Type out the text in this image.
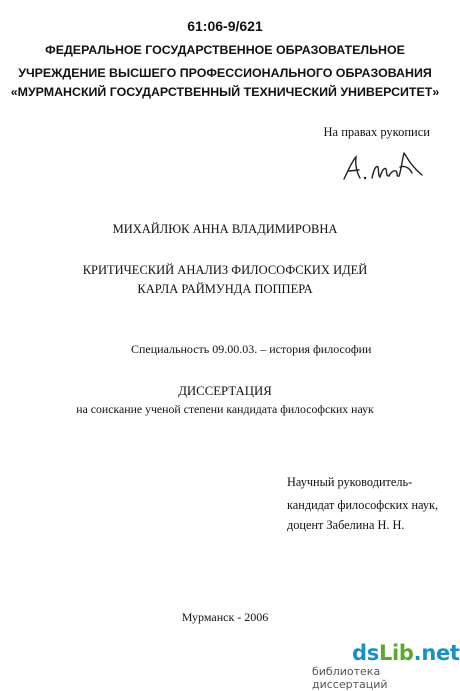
61:06-9/621
ФЕДЕРАЛЬНОЕ ГОСУДАРСТВЕННОЕ ОБРАЗОВАТЕЛЬНОЕ
УЧРЕЖДЕНИЕ ВЫСШЕГО ПРОФЕССИОНАЛЬНОГО ОБРАЗОВАНИЯ
«МУРМАНСКИЙ ГОСУДАРСТВЕННЫЙ ТЕХНИЧЕСКИЙ УНИВЕРСИТЕТ»
На правах рукописи
МИХАЙЛЮК АННА ВЛАДИМИРОВНА
КРИТИЧЕСКИЙ АНАЛИЗ ФИЛОСОФСКИХ ИДЕЙ
КАРЛА РАЙМУНДА ПОППЕРА
Специальность 09.00.03. – история философии
ДИССЕРТАЦИЯ
на соискание ученой степени кандидата философских наук
Научный руководитель-
кандидат философских наук,
доцент Забелина Н. Н.
Мурманск - 2006
dsLib.net
библиотека диссертаций
